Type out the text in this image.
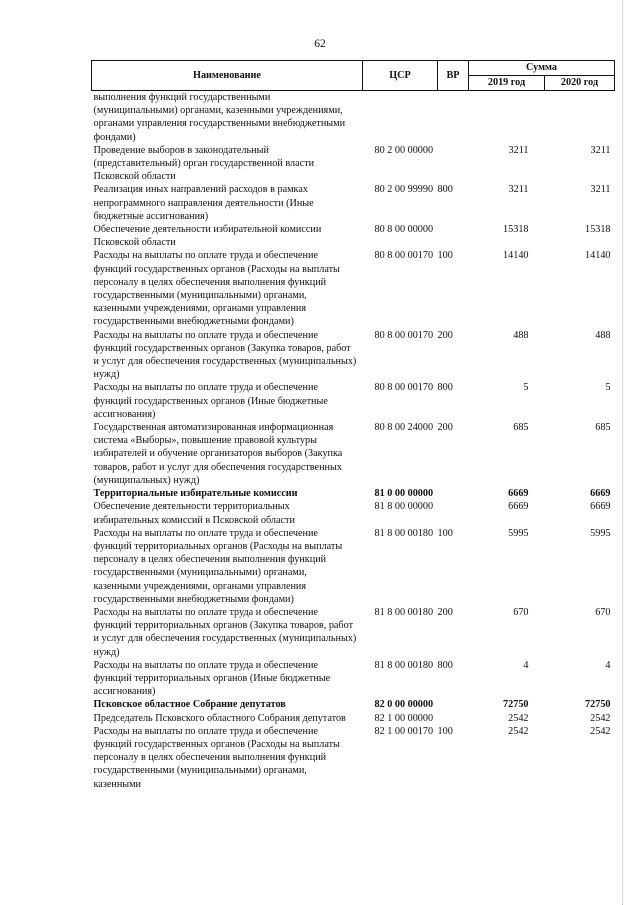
62
Наименование	ЦСР	ВР	Сумма	
			2019 год	2020 год
выполнения функций государственными (муниципальными) органами, казенными учреждениями, органами управления государственными внебюджетными фондами)				
Проведение выборов в законодательный (представительный) орган государственной власти Псковской области	80 2 00 00000		3211	3211
Реализация иных направлений расходов в рамках непрограммного направления деятельности (Иные бюджетные ассигнования)	80 2 00 99990	800	3211	3211
Обеспечение деятельности избирательной комиссии Псковской области	80 8 00 00000		15318	15318
Расходы на выплаты по оплате труда и обеспечение функций государственных органов (Расходы на выплаты персоналу в целях обеспечения выполнения функций государственными (муниципальными) органами, казенными учреждениями, органами управления государственными внебюджетными фондами)	80 8 00 00170	100	14140	14140
Расходы на выплаты по оплате труда и обеспечение функций государственных органов (Закупка товаров, работ и услуг для обеспечения государственных (муниципальных) нужд)	80 8 00 00170	200	488	488
Расходы на выплаты по оплате труда и обеспечение функций государственных органов (Иные бюджетные ассигнования)	80 8 00 00170	800	5	5
Государственная автоматизированная информационная система «Выборы», повышение правовой культуры избирателей и обучение организаторов выборов (Закупка товаров, работ и услуг для обеспечения государственных (муниципальных) нужд)	80 8 00 24000	200	685	685
Территориальные избирательные комиссии	81 0 00 00000		6669	6669
Обеспечение деятельности территориальных избирательных комиссий в Псковской области	81 8 00 00000		6669	6669
Расходы на выплаты по оплате труда и обеспечение функций территориальных органов (Расходы на выплаты персоналу в целях обеспечения выполнения функций государственными (муниципальными) органами, казенными учреждениями, органами управления государственными внебюджетными фондами)	81 8 00 00180	100	5995	5995
Расходы на выплаты по оплате труда и обеспечение функций территориальных органов (Закупка товаров, работ и услуг для обеспечения государственных (муниципальных) нужд)	81 8 00 00180	200	670	670
Расходы на выплаты по оплате труда и обеспечение функций территориальных органов (Иные бюджетные ассигнования)	81 8 00 00180	800	4	4
Псковское областное Собрание депутатов	82 0 00 00000		72750	72750
Председатель Псковского областного Собрания депутатов	82 1 00 00000		2542	2542
Расходы на выплаты по оплате труда и обеспечение функций государственных органов (Расходы на выплаты персоналу в целях обеспечения выполнения функций государственными (муниципальными) органами, казенными	82 1 00 00170	100	2542	2542
